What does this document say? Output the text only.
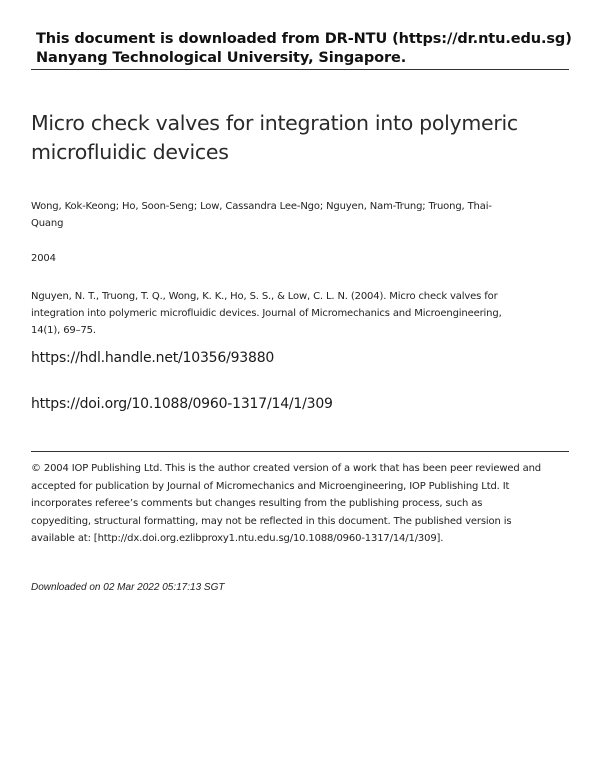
This document is downloaded from DR-NTU (https://dr.ntu.edu.sg)
Nanyang Technological University, Singapore.
Micro check valves for integration into polymeric microfluidic devices
Wong, Kok-Keong; Ho, Soon-Seng; Low, Cassandra Lee-Ngo; Nguyen, Nam-Trung; Truong, Thai-Quang
2004
Nguyen, N. T., Truong, T. Q., Wong, K. K., Ho, S. S., & Low, C. L. N. (2004). Micro check valves for integration into polymeric microfluidic devices. Journal of Micromechanics and Microengineering, 14(1), 69–75.
https://hdl.handle.net/10356/93880
https://doi.org/10.1088/0960-1317/14/1/309
© 2004 IOP Publishing Ltd. This is the author created version of a work that has been peer reviewed and accepted for publication by Journal of Micromechanics and Microengineering, IOP Publishing Ltd. It incorporates referee’s comments but changes resulting from the publishing process, such as copyediting, structural formatting, may not be reflected in this document. The published version is available at: [http://dx.doi.org.ezlibproxy1.ntu.edu.sg/10.1088/0960-1317/14/1/309].
Downloaded on 02 Mar 2022 05:17:13 SGT
